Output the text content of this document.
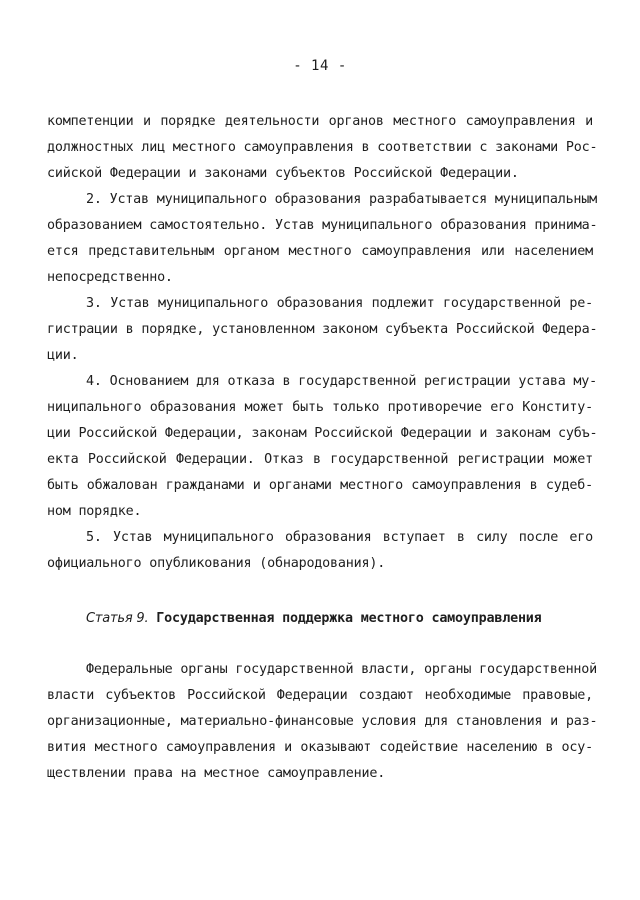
- 14 -
компетенции и порядке деятельности органов местного самоуправления и
должностных лиц местного самоуправления в соответствии с законами Рос-
сийской Федерации и законами субъектов Российской Федерации.
2. Устав муниципального образования разрабатывается муниципальным
образованием самостоятельно. Устав муниципального образования принима-
ется представительным органом местного самоуправления или населением
непосредственно.
3. Устав муниципального образования подлежит государственной ре-
гистрации в порядке, установленном законом субъекта Российской Федера-
ции.
4. Основанием для отказа в государственной регистрации устава му-
ниципального образования может быть только противоречие его Конститу-
ции Российской Федерации, законам Российской Федерации и законам субъ-
екта Российской Федерации. Отказ в государственной регистрации может
быть обжалован гражданами и органами местного самоуправления в судеб-
ном порядке.
5. Устав муниципального образования вступает в силу после его
официального опубликования (обнародования).
Статья 9. Государственная поддержка местного самоуправления
Федеральные органы государственной власти, органы государственной
власти субъектов Российской Федерации создают необходимые правовые,
организационные, материально-финансовые условия для становления и раз-
вития местного самоуправления и оказывают содействие населению в осу-
ществлении права на местное самоуправление.
